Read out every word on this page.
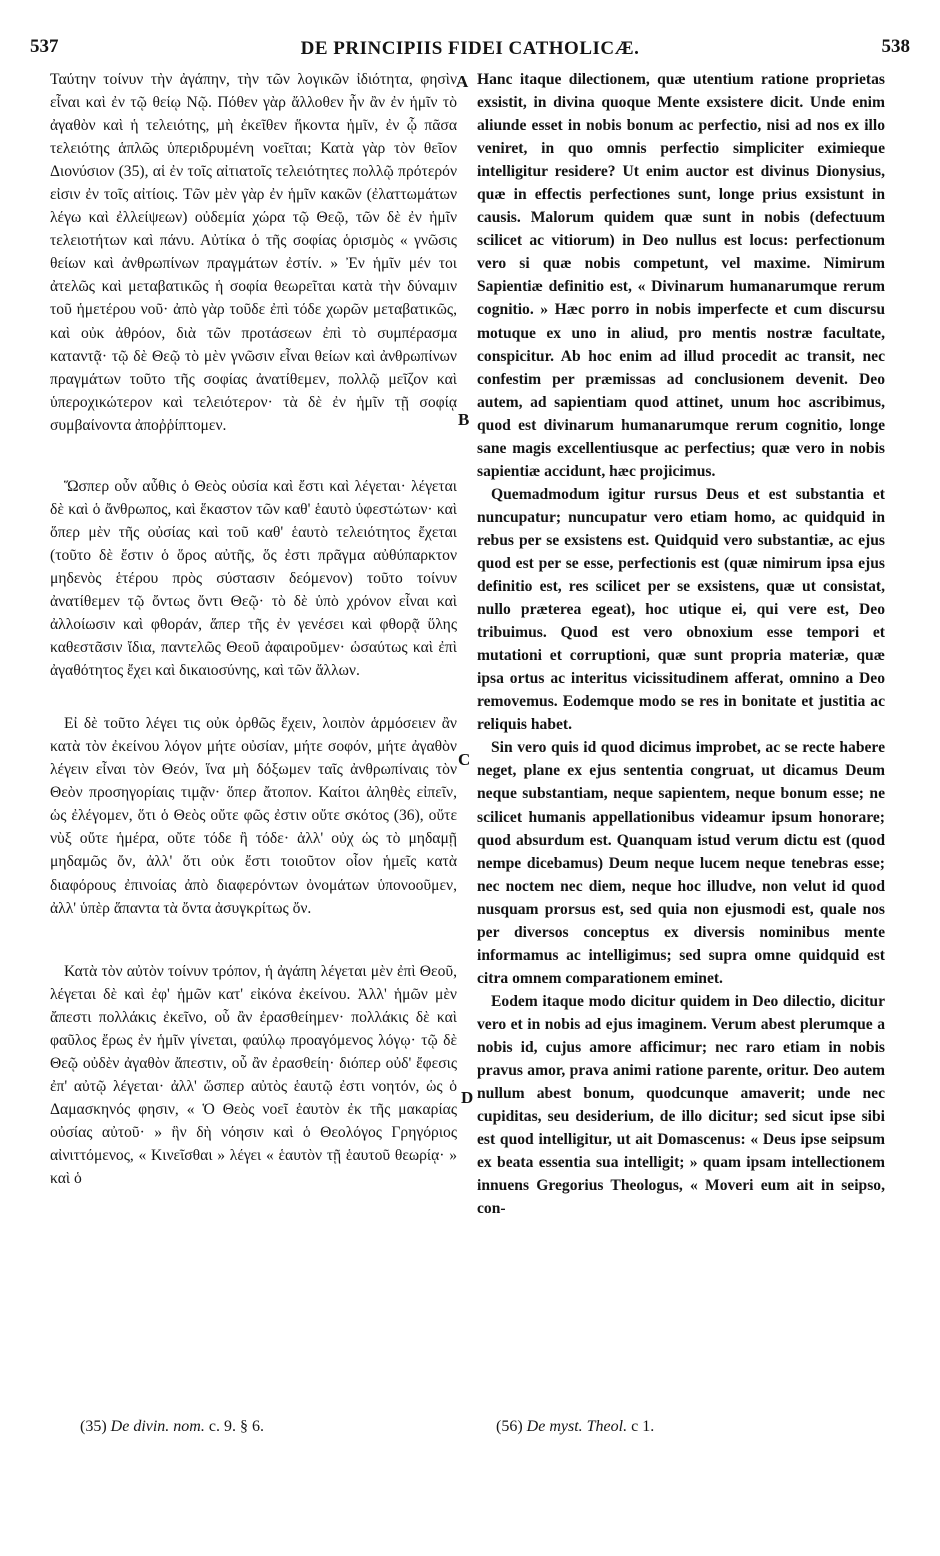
537	DE PRINCIPIIS FIDEI CATHOLICÆ.	538

Ταύτην τοίνυν τὴν ἀγάπην, τὴν τῶν λογικῶν ἰδιότητα, φησὶν εἶναι καὶ ἐν τῷ θείῳ Νῷ. Πόθεν γὰρ ἄλλοθεν ἦν ἂν ἐν ἡμῖν τὸ ἀγαθὸν καὶ ἡ τελειότης, μὴ ἐκεῖθεν ἥκοντα ἡμῖν, ἐν ᾧ πᾶσα τελειότης ἁπλῶς ὑπεριδρυμένη νοεῖται; Κατὰ γὰρ τὸν θεῖον Διονύσιον (35), αἱ ἐν τοῖς αἰτιατοῖς τελειότητες πολλῷ πρότερόν εἰσιν ἐν τοῖς αἰτίοις. Τῶν μὲν γὰρ ἐν ἡμῖν κακῶν (ἐλαττωμάτων λέγω καὶ ἐλλείψεων) οὐδεμία χώρα τῷ Θεῷ, τῶν δὲ ἐν ἡμῖν τελειοτήτων καὶ πάνυ. Αὐτίκα ὁ τῆς σοφίας ὁρισμὸς « γνῶσις θείων καὶ ἀνθρωπίνων πραγμάτων ἐστίν. » Ἐν ἡμῖν μέν τοι ἀτελῶς καὶ μεταβατικῶς ἡ σοφία θεωρεῖται κατὰ τὴν δύναμιν τοῦ ἡμετέρου νοῦ· ἀπὸ γὰρ τοῦδε ἐπὶ τόδε χωρῶν μεταβατικῶς, καὶ οὐκ ἀθρόον, διὰ τῶν προτάσεων ἐπὶ τὸ συμπέρασμα καταντᾷ· τῷ δὲ Θεῷ τὸ μὲν γνῶσιν εἶναι θείων καὶ ἀνθρωπίνων πραγμάτων τοῦτο τῆς σοφίας ἀνατίθεμεν, πολλῷ μεῖζον καὶ ὑπεροχικώτερον καὶ τελειότερον· τὰ δὲ ἐν ἡμῖν τῇ σοφίᾳ συμβαίνοντα ἀποῤῥίπτομεν.

Ὥσπερ οὖν αὖθις ὁ Θεὸς οὐσία καὶ ἔστι καὶ λέγεται· λέγεται δὲ καὶ ὁ ἄνθρωπος, καὶ ἕκαστον τῶν καθ' ἑαυτὸ ὑφεστώτων· καὶ ὅπερ μὲν τῆς οὐσίας καὶ τοῦ καθ' ἑαυτὸ τελειότητος ἔχεται (τοῦτο δὲ ἔστιν ὁ ὅρος αὐτῆς, ὅς ἐστι πρᾶγμα αὐθύπαρκτον μηδενὸς ἑτέρου πρὸς σύστασιν δεόμενον) τοῦτο τοίνυν ἀνατίθεμεν τῷ ὄντως ὄντι Θεῷ· τὸ δὲ ὑπὸ χρόνον εἶναι καὶ ἀλλοίωσιν καὶ φθοράν, ἅπερ τῆς ἐν γενέσει καὶ φθορᾷ ὕλης καθεστᾶσιν ἴδια, παντελῶς Θεοῦ ἀφαιροῦμεν· ὡσαύτως καὶ ἐπὶ ἀγαθότητος ἔχει καὶ δικαιοσύνης, καὶ τῶν ἄλλων.

Εἰ δὲ τοῦτο λέγει τις οὐκ ὀρθῶς ἔχειν, λοιπὸν ἁρμόσειεν ἂν κατὰ τὸν ἐκείνου λόγον μήτε οὐσίαν, μήτε σοφόν, μήτε ἀγαθὸν λέγειν εἶναι τὸν Θεόν, ἵνα μὴ δόξωμεν ταῖς ἀνθρωπίναις τὸν Θεὸν προσηγορίαις τιμᾷν· ὅπερ ἄτοπον. Καίτοι ἀληθὲς εἰπεῖν, ὡς ἐλέγομεν, ὅτι ὁ Θεὸς οὔτε φῶς ἐστιν οὔτε σκότος (36), οὔτε νὺξ οὔτε ἡμέρα, οὔτε τόδε ἢ τόδε· ἀλλ' οὐχ ὡς τὸ μηδαμῇ μηδαμῶς ὄν, ἀλλ' ὅτι οὐκ ἔστι τοιοῦτον οἷον ἡμεῖς κατὰ διαφόρους ἐπινοίας ἀπὸ διαφερόντων ὀνομάτων ὑπονοοῦμεν, ἀλλ' ὑπὲρ ἅπαντα τὰ ὄντα ἀσυγκρίτως ὄν.

Κατὰ τὸν αὐτὸν τοίνυν τρόπον, ἡ ἀγάπη λέγεται μὲν ἐπὶ Θεοῦ, λέγεται δὲ καὶ ἐφ' ἡμῶν κατ' εἰκόνα ἐκείνου. Ἀλλ' ἡμῶν μὲν ἄπεστι πολλάκις ἐκεῖνο, οὗ ἂν ἐρασθείημεν· πολλάκις δὲ καὶ φαῦλος ἔρως ἐν ἡμῖν γίνεται, φαύλῳ προαγόμενος λόγῳ· τῷ δὲ Θεῷ οὐδὲν ἀγαθὸν ἄπεστιν, οὗ ἂν ἐρασθείη· διόπερ οὐδ' ἔφεσις ἐπ' αὐτῷ λέγεται· ἀλλ' ὥσπερ αὐτὸς ἑαυτῷ ἐστι νοητόν, ὡς ὁ Δαμασκηνός φησιν, « Ὁ Θεὸς νοεῖ ἑαυτὸν ἐκ τῆς μακαρίας οὐσίας αὐτοῦ· » ἣν δὴ νόησιν καὶ ὁ Θεολόγος Γρηγόριος αἰνιττόμενος, « Κινεῖσθαι » λέγει « ἑαυτὸν τῇ ἑαυτοῦ θεωρίᾳ· » καὶ ὁ

Hanc itaque dilectionem, quæ utentium ratione proprietas exsistit, in divina quoque Mente exsistere dicit. Unde enim aliunde esset in nobis bonum ac perfectio, nisi ad nos ex illo veniret, in quo omnis perfectio simpliciter eximieque intelligitur residere? Ut enim auctor est divinus Dionysius, quæ in effectis perfectiones sunt, longe prius exsistunt in causis. Malorum quidem quæ sunt in nobis (defectuum scilicet ac vitiorum) in Deo nullus est locus: perfectionum vero si quæ nobis competunt, vel maxime. Nimirum Sapientiæ definitio est, « Divinarum humanarumque rerum cognitio. » Hæc porro in nobis imperfecte et cum discursu motuque ex uno in aliud, pro mentis nostræ facultate, conspicitur. Ab hoc enim ad illud procedit ac transit, nec confestim per præmissas ad conclusionem devenit. Deo autem, ad sapientiam quod attinet, unum hoc ascribimus, quod est divinarum humanarumque rerum cognitio, longe sane magis excellentiusque ac perfectius; quæ vero in nobis sapientiæ accidunt, hæc projicimus.

Quemadmodum igitur rursus Deus et est substantia et nuncupatur; nuncupatur vero etiam homo, ac quidquid in rebus per se exsistens est. Quidquid vero substantiæ, ac ejus quod est per se esse, perfectionis est (quæ nimirum ipsa ejus definitio est, res scilicet per se exsistens, quæ ut consistat, nullo præterea egeat), hoc utique ei, qui vere est, Deo tribuimus. Quod est vero obnoxium esse tempori et mutationi et corruptioni, quæ sunt propria materiæ, quæ ipsa ortus ac interitus vicissitudinem afferat, omnino a Deo removemus. Eodemque modo se res in bonitate et justitia ac reliquis habet.

Sin vero quis id quod dicimus improbet, ac se recte habere neget, plane ex ejus sententia congruat, ut dicamus Deum neque substantiam, neque sapientem, neque bonum esse; ne scilicet humanis appellationibus videamur ipsum honorare; quod absurdum est. Quanquam istud verum dictu est (quod nempe dicebamus) Deum neque lucem neque tenebras esse; nec noctem nec diem, neque hoc illudve, non velut id quod nusquam prorsus est, sed quia non ejusmodi est, quale nos per diversos conceptus ex diversis nominibus mente informamus ac intelligimus; sed supra omne quidquid est citra omnem comparationem eminet.

Eodem itaque modo dicitur quidem in Deo dilectio, dicitur vero et in nobis ad ejus imaginem. Verum abest plerumque a nobis id, cujus amore afficimur; nec raro etiam in nobis pravus amor, prava animi ratione parente, oritur. Deo autem nullum abest bonum, quodcunque amaverit; unde nec cupiditas, seu desiderium, de illo dicitur; sed sicut ipse sibi est quod intelligitur, ut ait Domascenus: « Deus ipse seipsum ex beata essentia sua intelligit; » quam ipsam intellectionem innuens Gregorius Theologus, « Moveri eum ait in seipso, con-

A
B
C
D
(35) De divin. nom. c. 9. § 6.	(56) De myst. Theol. c 1.
